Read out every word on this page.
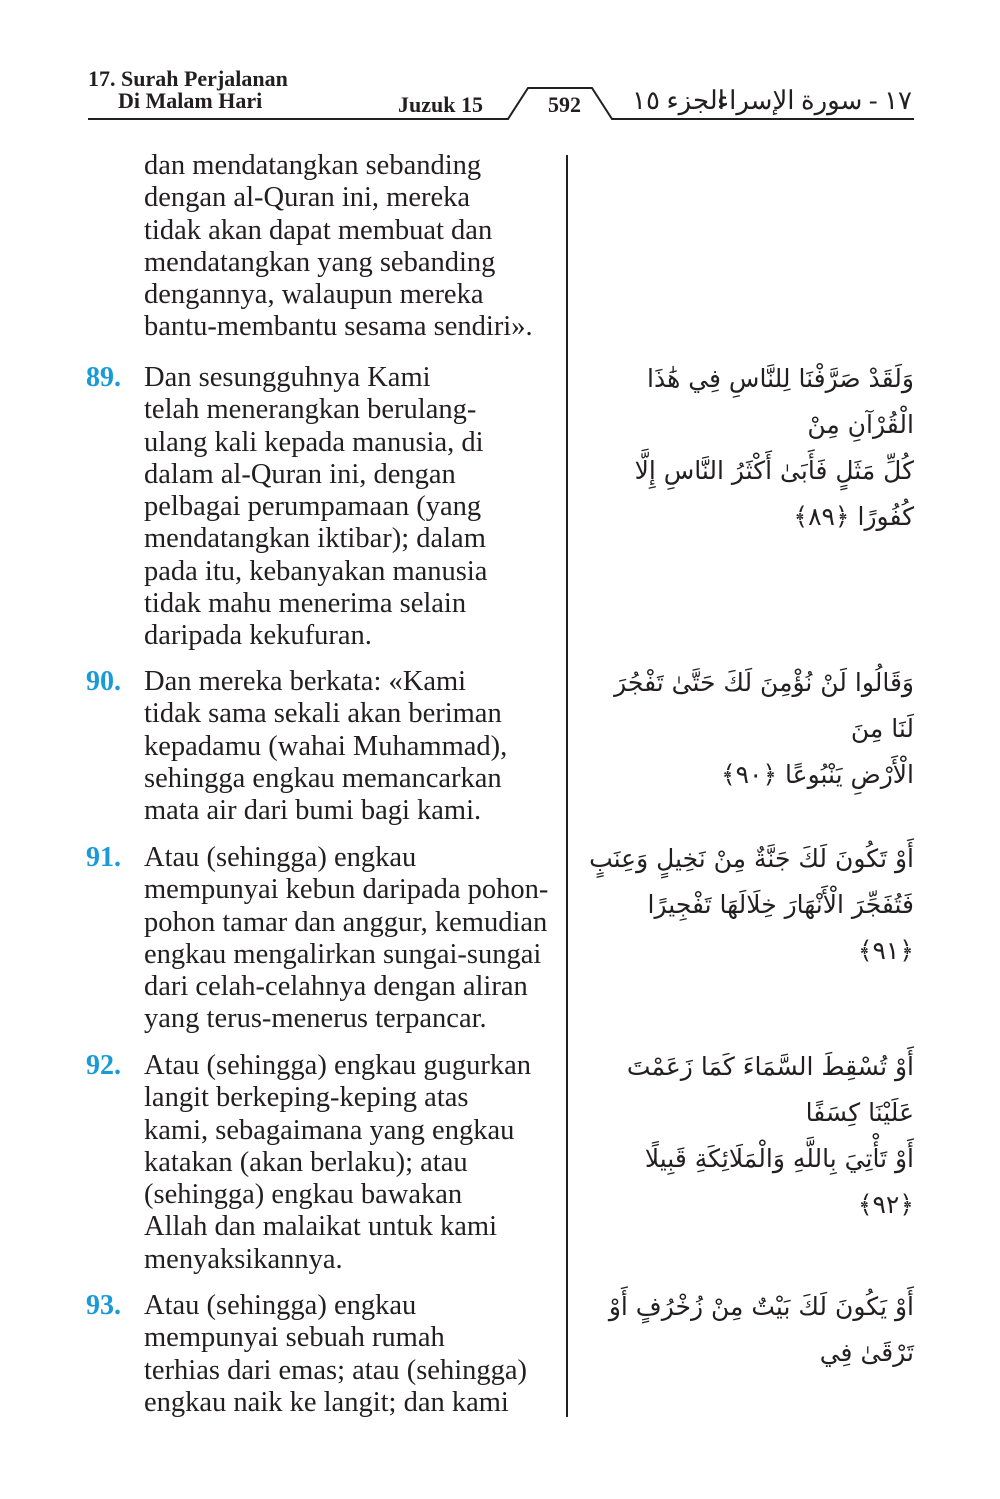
17. Surah Perjalanan
Di Malam Hari	Juzuk 15	592 الجزء ١٥
١٧ - سورة الإسراء
dan mendatangkan sebanding
dengan al-Quran ini, mereka
tidak akan dapat membuat dan
mendatangkan yang sebanding
dengannya, walaupun mereka
bantu-membantu sesama sendiri».
89. Dan sesungguhnya Kami
telah menerangkan berulang-
ulang kali kepada manusia, di
dalam al-Quran ini, dengan
pelbagai perumpamaan (yang
mendatangkan iktibar); dalam
pada itu, kebanyakan manusia
tidak mahu menerima selain
daripada kekufuran.
90. Dan mereka berkata: «Kami
tidak sama sekali akan beriman
kepadamu (wahai Muhammad),
sehingga engkau memancarkan
mata air dari bumi bagi kami.
91. Atau (sehingga) engkau
mempunyai kebun daripada pohon-
pohon tamar dan anggur, kemudian
engkau mengalirkan sungai-sungai
dari celah-celahnya dengan aliran
yang terus-menerus terpancar.
92. Atau (sehingga) engkau gugurkan
langit berkeping-keping atas
kami, sebagaimana yang engkau
katakan (akan berlaku); atau
(sehingga) engkau bawakan
Allah dan malaikat untuk kami
menyaksikannya.
93. Atau (sehingga) engkau
mempunyai sebuah rumah
terhias dari emas; atau (sehingga)
engkau naik ke langit; dan kami
وَلَقَدْ صَرَّفْنَا لِلنَّاسِ فِي هَٰذَا الْقُرْآنِ مِنْ
كُلِّ مَثَلٍ فَأَبَىٰ أَكْثَرُ النَّاسِ إِلَّا كُفُورًا ﴿٨٩﴾
وَقَالُوا لَنْ نُؤْمِنَ لَكَ حَتَّىٰ تَفْجُرَ لَنَا مِنَ
الْأَرْضِ يَنْبُوعًا ﴿٩٠﴾
أَوْ تَكُونَ لَكَ جَنَّةٌ مِنْ نَخِيلٍ وَعِنَبٍ
فَتُفَجِّرَ الْأَنْهَارَ خِلَالَهَا تَفْجِيرًا ﴿٩١﴾
أَوْ تُسْقِطَ السَّمَاءَ كَمَا زَعَمْتَ عَلَيْنَا كِسَفًا
أَوْ تَأْتِيَ بِاللَّهِ وَالْمَلَائِكَةِ قَبِيلًا ﴿٩٢﴾
أَوْ يَكُونَ لَكَ بَيْتٌ مِنْ زُخْرُفٍ أَوْ تَرْقَىٰ فِي
